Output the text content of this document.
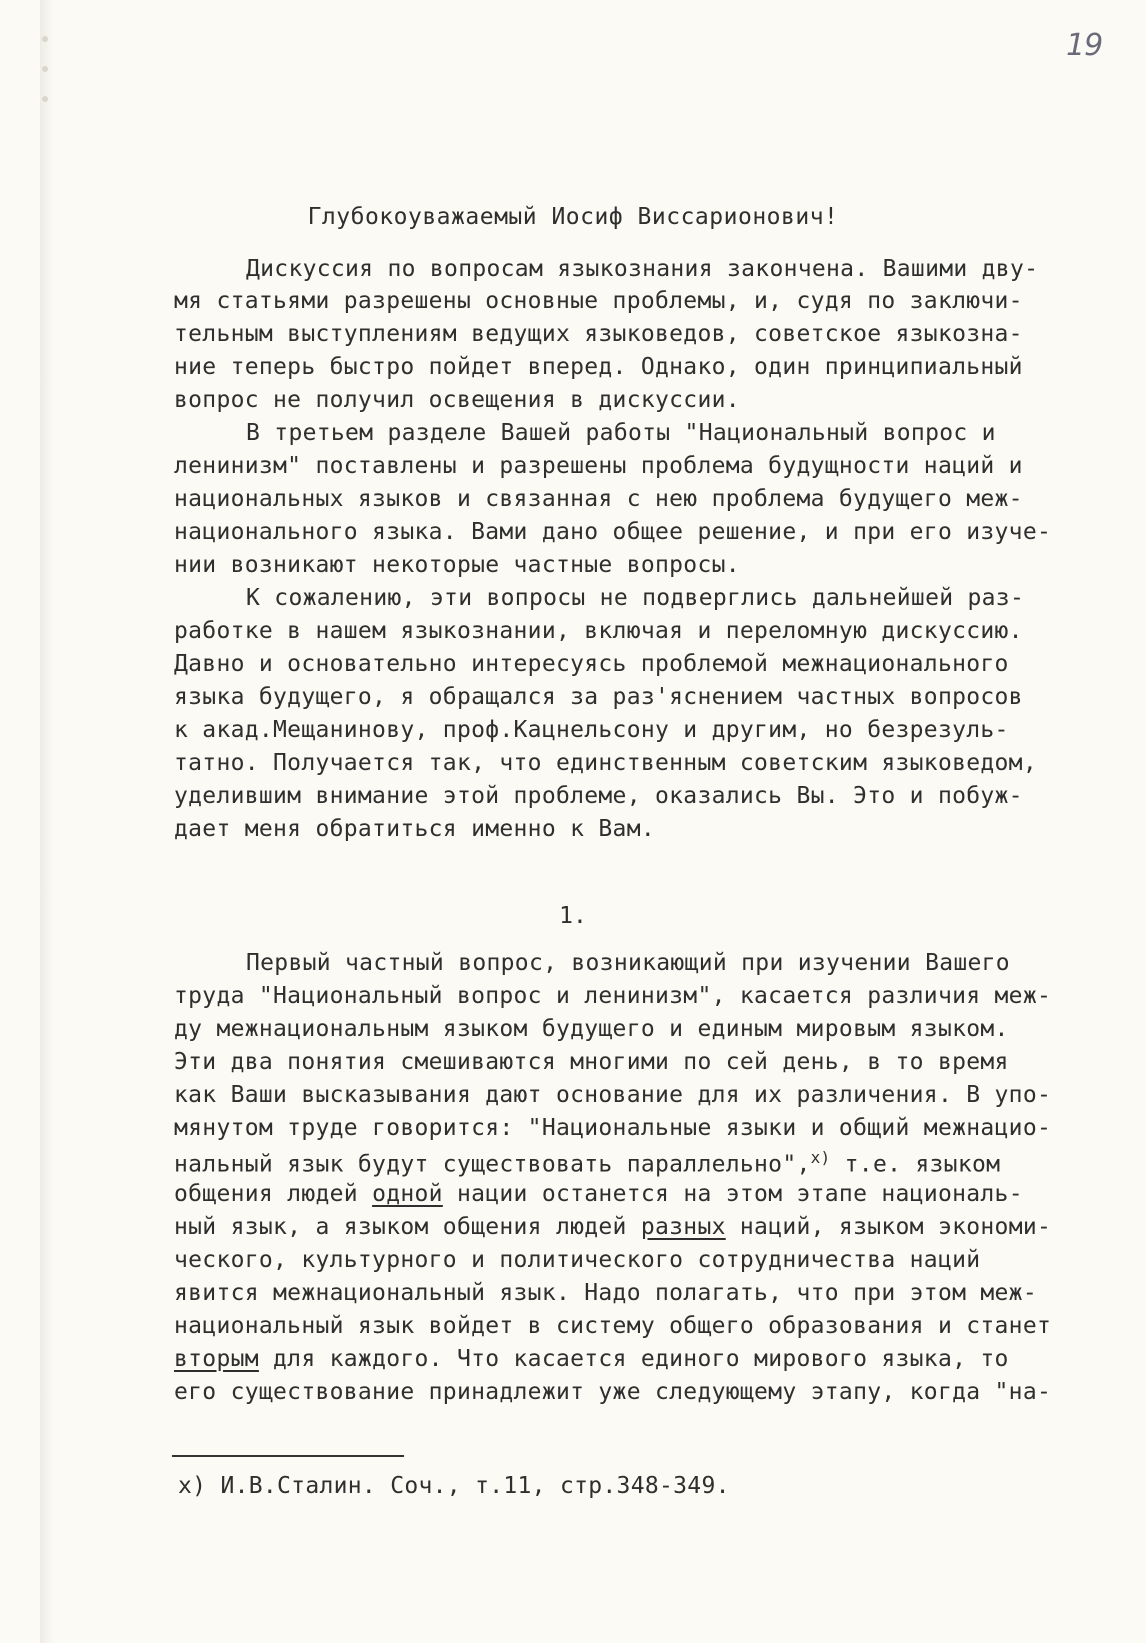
19
Глубокоуважаемый Иосиф Виссарионович!
Дискуссия по вопросам языкознания закончена. Вашими дву-
мя статьями разрешены основные проблемы, и, судя по заключи-
тельным выступлениям ведущих языковедов, советское языкозна-
ние теперь быстро пойдет вперед. Однако, один принципиальный
вопрос не получил освещения в дискуссии.
В третьем разделе Вашей работы "Национальный вопрос и
ленинизм" поставлены и разрешены проблема будущности наций и
национальных языков и связанная с нею проблема будущего меж-
национального языка. Вами дано общее решение, и при его изуче-
нии возникают некоторые частные вопросы.
К сожалению, эти вопросы не подверглись дальнейшей раз-
работке в нашем языкознании, включая и переломную дискуссию.
Давно и основательно интересуясь проблемой межнационального
языка будущего, я обращался за раз'яснением частных вопросов
к акад.Мещанинову, проф.Кацнельсону и другим, но безрезуль-
татно. Получается так, что единственным советским языковедом,
уделившим внимание этой проблеме, оказались Вы. Это и побуж-
дает меня обратиться именно к Вам.
1.
Первый частный вопрос, возникающий при изучении Вашего
труда "Национальный вопрос и ленинизм", касается различия меж-
ду межнациональным языком будущего и единым мировым языком.
Эти два понятия смешиваются многими по сей день, в то время
как Ваши высказывания дают основание для их различения. В упо-
мянутом труде говорится: "Национальные языки и общий межнацио-
нальный язык будут существовать параллельно",$^{x)}$ т.е. языком
общения людей одной нации останется на этом этапе националь-
ный язык, а языком общения людей разных наций, языком экономи-
ческого, культурного и политического сотрудничества наций
явится межнациональный язык. Надо полагать, что при этом меж-
национальный язык войдет в систему общего образования и станет
вторым для каждого. Что касается единого мирового языка, то
его существование принадлежит уже следующему этапу, когда "на-
х) И.В.Сталин. Соч., т.11, стр.348-349.
